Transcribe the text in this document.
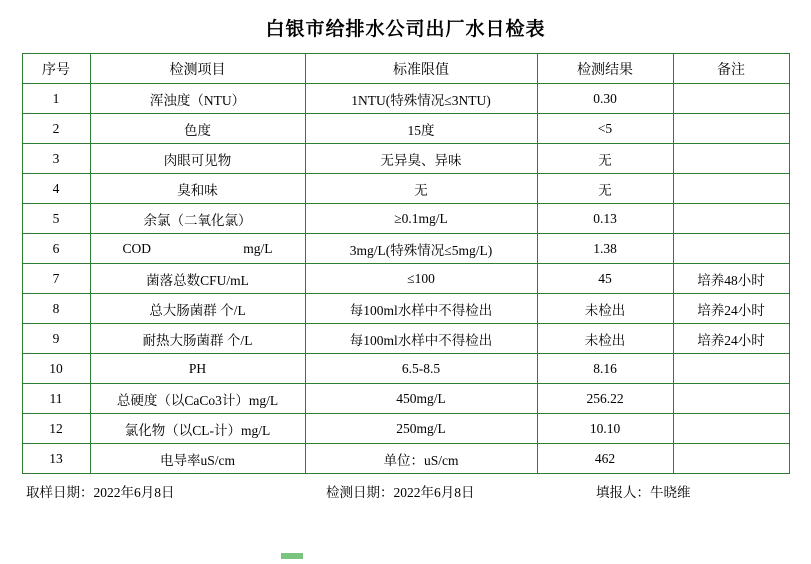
白银市给排水公司出厂水日检表
序号	检测项目	标准限值	检测结果	备注
1	浑浊度（NTU）	1NTU(特殊情况≤3NTU)	0.30	
2	色度	15度	<5	
3	肉眼可见物	无异臭、异味	无	
4	臭和味	无	无	
5	余氯（二氧化氯）	≥0.1mg/L	0.13	
6	COD mg/L	3mg/L(特殊情况≤5mg/L)	1.38	
7	菌落总数CFU/mL	≤100	45	培养48小时
8	总大肠菌群 个/L	每100ml水样中不得检出	未检出	培养24小时
9	耐热大肠菌群 个/L	每100ml水样中不得检出	未检出	培养24小时
10	PH	6.5-8.5	8.16	
11	总硬度（以CaCo3计）mg/L	450mg/L	256.22	
12	氯化物（以CL-计）mg/L	250mg/L	10.10	
13	电导率uS/cm	单位：uS/cm	462	
取样日期：2022年6月8日	检测日期：2022年6月8日	填报人：牛晓维
